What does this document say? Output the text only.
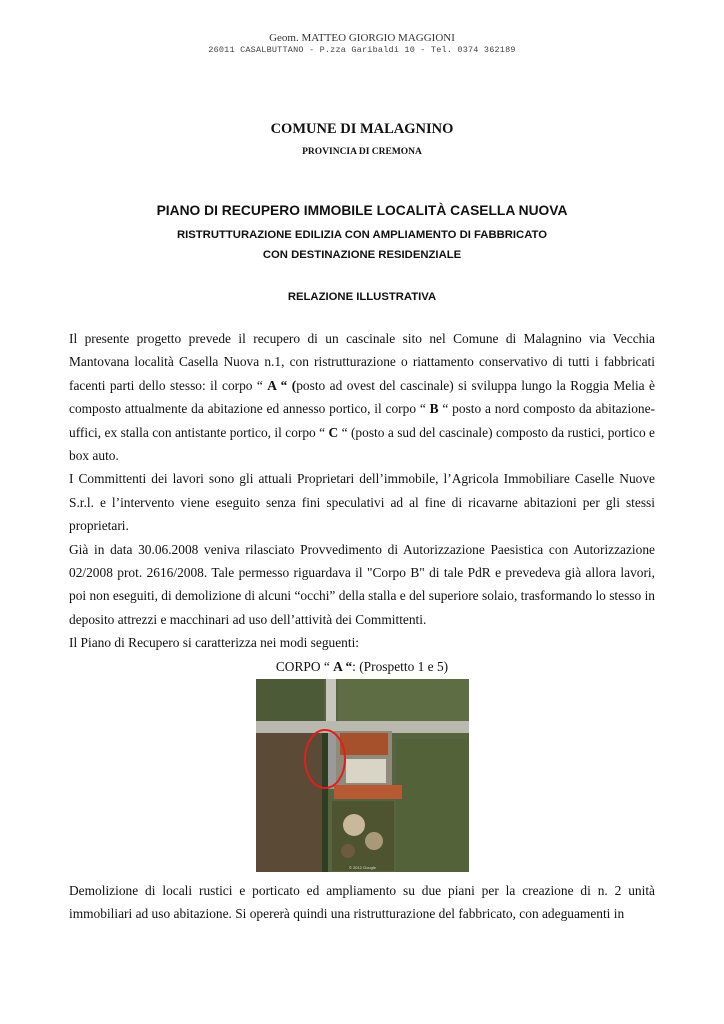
Geom. MATTEO GIORGIO MAGGIONI
26011 CASALBUTTANO - P.zza Garibaldi 10 - Tel. 0374 362189
COMUNE DI MALAGNINO
PROVINCIA DI CREMONA
PIANO DI RECUPERO IMMOBILE LOCALITÀ CASELLA NUOVA
RISTRUTTURAZIONE EDILIZIA CON AMPLIAMENTO DI FABBRICATO
CON DESTINAZIONE RESIDENZIALE
RELAZIONE ILLUSTRATIVA

Il presente progetto prevede il recupero di un cascinale sito nel Comune di Malagnino via Vecchia Mantovana località Casella Nuova n.1, con ristrutturazione o riattamento conservativo di tutti i fabbricati facenti parti dello stesso: il corpo “ A “ (posto ad ovest del cascinale) si sviluppa lungo la Roggia Melia è composto attualmente da abitazione ed annesso portico, il corpo “ B “ posto a nord composto da abitazione-uffici, ex stalla con antistante portico, il corpo “ C “ (posto a sud del cascinale) composto da rustici, portico e box auto.

I Committenti dei lavori sono gli attuali Proprietari dell’immobile, l’Agricola Immobiliare Caselle Nuove S.r.l. e l’intervento viene eseguito senza fini speculativi ad al fine di ricavarne abitazioni per gli stessi proprietari.

Già in data 30.06.2008 veniva rilasciato Provvedimento di Autorizzazione Paesistica con Autorizzazione 02/2008 prot. 2616/2008. Tale permesso riguardava il "Corpo B" di tale PdR e prevedeva già allora lavori, poi non eseguiti, di demolizione di alcuni “occhi” della stalla e del superiore solaio, trasformando lo stesso in deposito attrezzi e macchinari ad uso dell’attività dei Committenti.

Il Piano di Recupero si caratterizza nei modi seguenti:

CORPO “ A “: (Prospetto 1 e 5)

© 2012 Google
Demolizione di locali rustici e porticato ed ampliamento su due piani per la creazione di n. 2 unità immobiliari ad uso abitazione. Si opererà quindi una ristrutturazione del fabbricato, con adeguamenti in
